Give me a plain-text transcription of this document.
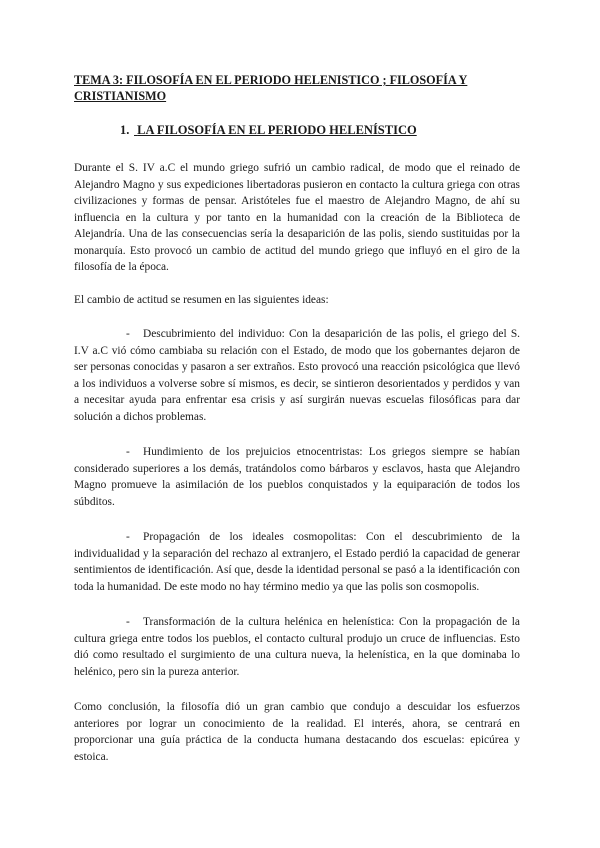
TEMA 3: FILOSOFÍA EN EL PERIODO HELENISTICO ; FILOSOFÍA Y CRISTIANISMO
1. LA FILOSOFÍA EN EL PERIODO HELENÍSTICO

Durante el S. IV a.C el mundo griego sufrió un cambio radical, de modo que el reinado de Alejandro Magno y sus expediciones libertadoras pusieron en contacto la cultura griega con otras civilizaciones y formas de pensar. Aristóteles fue el maestro de Alejandro Magno, de ahí su influencia en la cultura y por tanto en la humanidad con la creación de la Biblioteca de Alejandría. Una de las consecuencias sería la desaparición de las polis, siendo sustituidas por la monarquía. Esto provocó un cambio de actitud del mundo griego que influyó en el giro de la filosofía de la época.

El cambio de actitud se resumen en las siguientes ideas:

- Descubrimiento del individuo: Con la desaparición de las polis, el griego del S. I.V a.C vió cómo cambiaba su relación con el Estado, de modo que los gobernantes dejaron de ser personas conocidas y pasaron a ser extraños. Esto provocó una reacción psicológica que llevó a los individuos a volverse sobre sí mismos, es decir, se sintieron desorientados y perdidos y van a necesitar ayuda para enfrentar esa crisis y así surgirán nuevas escuelas filosóficas para dar solución a dichos problemas.

- Hundimiento de los prejuicios etnocentristas: Los griegos siempre se habían considerado superiores a los demás, tratándolos como bárbaros y esclavos, hasta que Alejandro Magno promueve la asimilación de los pueblos conquistados y la equiparación de todos los súbditos.

- Propagación de los ideales cosmopolitas: Con el descubrimiento de la individualidad y la separación del rechazo al extranjero, el Estado perdió la capacidad de generar sentimientos de identificación. Así que, desde la identidad personal se pasó a la identificación con toda la humanidad. De este modo no hay término medio ya que las polis son cosmopolis.

- Transformación de la cultura helénica en helenística: Con la propagación de la cultura griega entre todos los pueblos, el contacto cultural produjo un cruce de influencias. Esto dió como resultado el surgimiento de una cultura nueva, la helenística, en la que dominaba lo helénico, pero sin la pureza anterior.

Como conclusión, la filosofía dió un gran cambio que condujo a descuidar los esfuerzos anteriores por lograr un conocimiento de la realidad. El interés, ahora, se centrará en proporcionar una guía práctica de la conducta humana destacando dos escuelas: epicúrea y estoica.
